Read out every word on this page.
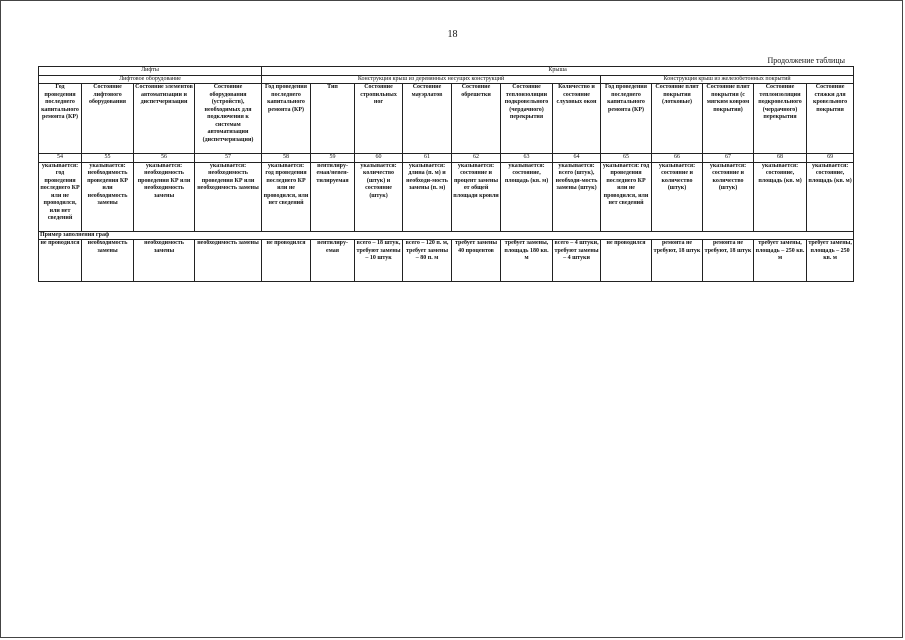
18
Продолжение таблицы
Лифты				Крыша											
Лифтовое оборудование				Конструкция крыш из деревянных несущих конструкций							Конструкция крыш из железобетонных покрытий				
Год проведения последнего капитального ремонта (КР)	Состояние лифтового оборудования	Состояние элементов автоматизации и диспетчеризации	Состояние оборудования (устройств), необходимых для подключения к системам автоматизации (диспетчеризации)	Год проведения последнего капитального ремонта (КР)	Тип	Состояние стропильных ног	Состояние мауэрлатов	Состояние обрешетки	Состояние теплоизоляции подкровельного (чердачного) перекрытия	Количество и состояние слуховых окон	Год проведения последнего капитального ремонта (КР)	Состояние плит покрытия (лотковые)	Состояние плит покрытия (с мягким ковром покрытия)	Состояние теплоизоляции подкровельного (чердачного) перекрытия	Состояние стяжки для кровельного покрытия
54	55	56	57	58	59	60	61	62	63	64	65	66	67	68	69
указывается: год проведения последнего КР или не проводился, или нет сведений	указывается: необходимость проведения КР или необходимость замены	указывается: необходимость проведения КР или необходимость замены	указывается: необходимость проведения КР или необходимость замены	указывается: год проведения последнего КР или не проводился, или нет сведений	вентилиру-емая/невен-тилируемая	указывается: количество (штук) и состояние (штук)	указывается: длина (п. м) и необходи-мость замены (п. м)	указывается: состояние и процент замены от общей площади кровли	указывается: состояние, площадь (кв. м)	указывается: всего (штук), необходи-мость замены (штук)	указывается: год проведения последнего КР или не проводился, или нет сведений	указывается: состояние и количество (штук)	указывается: состояние и количество (штук)	указывается: состояние, площадь (кв. м)	указывается: состояние, площадь (кв. м)
Пример заполнения граф															
не проводился	необходимость замены	необходимость замены	необходимость замены	не проводился	вентилиру-емая	всего – 18 штук, требуют замены – 10 штук	всего – 120 п. м, требует замены – 80 п. м	требует замены 40 процентов	требует замены, площадь 180 кв. м	всего – 4 штуки, требуют замены – 4 штуки	не проводился	ремонта не требуют, 18 штук	ремонта не требуют, 18 штук	требует замены, площадь – 250 кв. м	требует замены, площадь – 250 кв. м
